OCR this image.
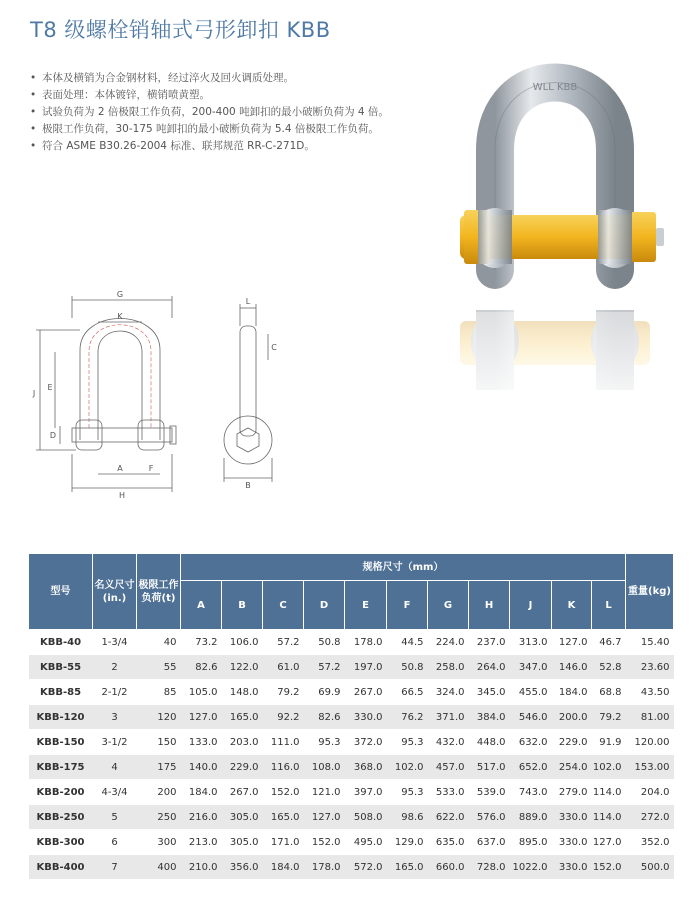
T8 级螺栓销轴式弓形卸扣 KBB
• 本体及横销为合金钢材料，经过淬火及回火调质处理。
• 表面处理：本体镀锌，横销喷黄塑。
• 试验负荷为 2 倍极限工作负荷，200-400 吨卸扣的最小破断负荷为 4 倍。
• 极限工作负荷，30-175 吨卸扣的最小破断负荷为 5.4 倍极限工作负荷。
• 符合 ASME B30.26-2004 标准、联邦规范 RR-C-271D。
WLL KBB
G
K
J
E
D
A	F
H
L
C
B
型号	名义尺寸(in.)	极限工作负荷(t)	规格尺寸（mm）											重量(kg)
			A	B	C	D	E	F	G	H	J	K	L	
KBB-40	1-3/4	40	73.2	106.0	57.2	50.8	178.0	44.5	224.0	237.0	313.0	127.0	46.7	15.40
KBB-55	2	55	82.6	122.0	61.0	57.2	197.0	50.8	258.0	264.0	347.0	146.0	52.8	23.60
KBB-85	2-1/2	85	105.0	148.0	79.2	69.9	267.0	66.5	324.0	345.0	455.0	184.0	68.8	43.50
KBB-120	3	120	127.0	165.0	92.2	82.6	330.0	76.2	371.0	384.0	546.0	200.0	79.2	81.00
KBB-150	3-1/2	150	133.0	203.0	111.0	95.3	372.0	95.3	432.0	448.0	632.0	229.0	91.9	120.00
KBB-175	4	175	140.0	229.0	116.0	108.0	368.0	102.0	457.0	517.0	652.0	254.0	102.0	153.00
KBB-200	4-3/4	200	184.0	267.0	152.0	121.0	397.0	95.3	533.0	539.0	743.0	279.0	114.0	204.0
KBB-250	5	250	216.0	305.0	165.0	127.0	508.0	98.6	622.0	576.0	889.0	330.0	114.0	272.0
KBB-300	6	300	213.0	305.0	171.0	152.0	495.0	129.0	635.0	637.0	895.0	330.0	127.0	352.0
KBB-400	7	400	210.0	356.0	184.0	178.0	572.0	165.0	660.0	728.0	1022.0	330.0	152.0	500.0
